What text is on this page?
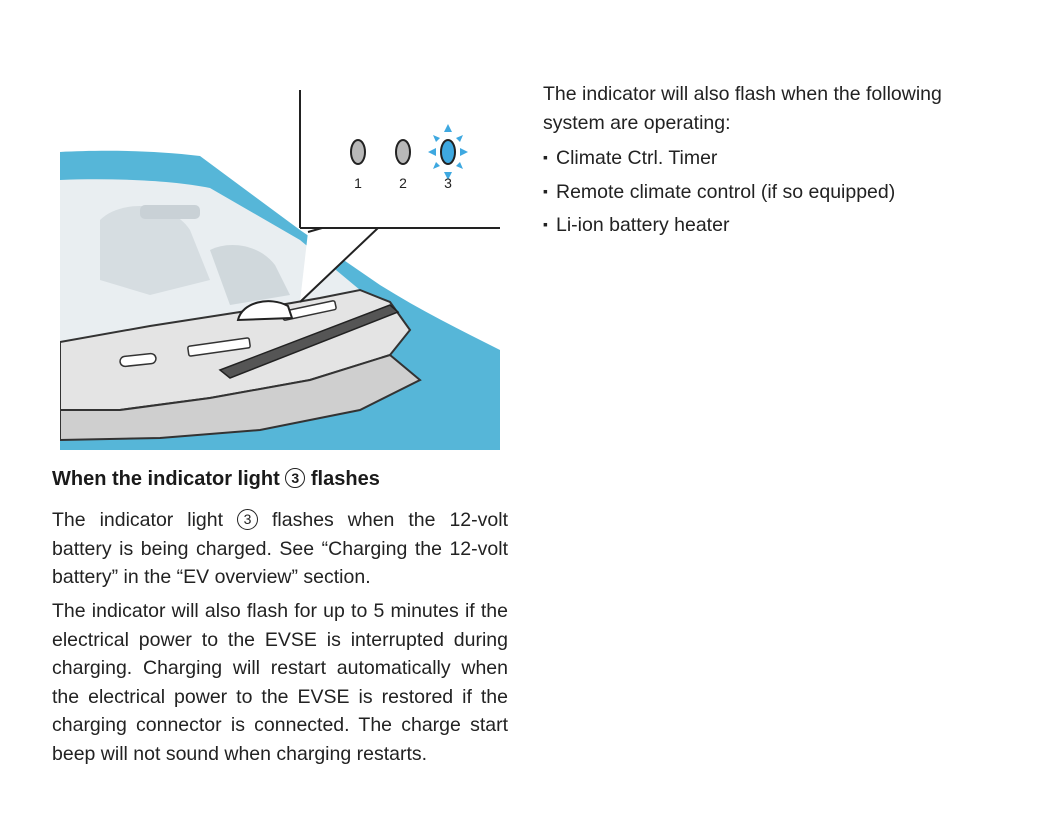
1	2	3
When the indicator light 3 flashes

The indicator light 3 flashes when the 12-volt battery is being charged. See “Charging the 12-volt battery” in the “EV overview” section.

The indicator will also flash for up to 5 minutes if the electrical power to the EVSE is interrupted during charging. Charging will restart automatically when the electrical power to the EVSE is restored if the charging connector is connected. The charge start beep will not sound when charging restarts.

The indicator will also flash when the following system are operating:

▪ Climate Ctrl. Timer
▪ Remote climate control (if so equipped)
▪ Li-ion battery heater
